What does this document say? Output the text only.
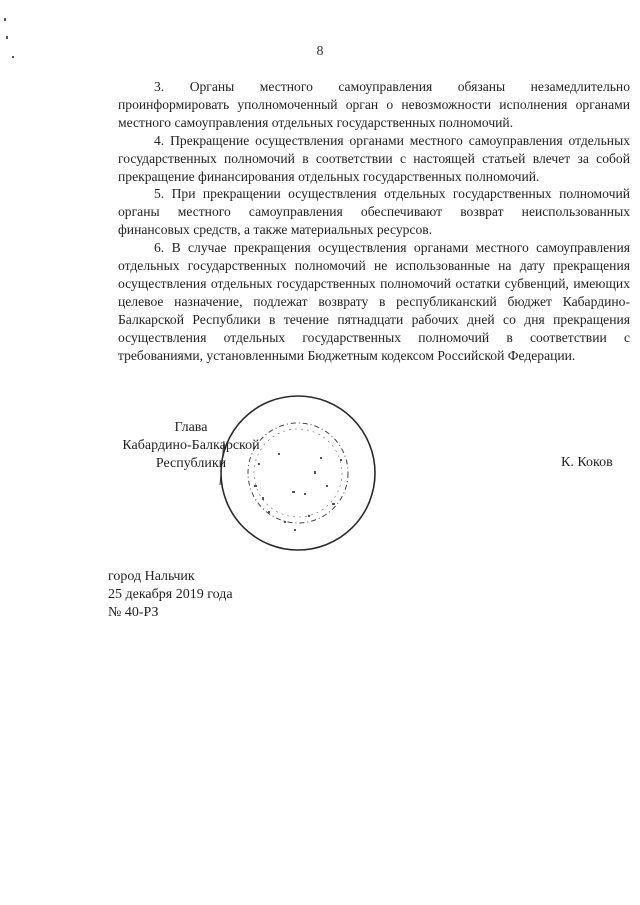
8

3. Органы местного самоуправления обязаны незамедлительно проинформировать уполномоченный орган о невозможности исполнения органами местного самоуправления отдельных государственных полномочий.

4. Прекращение осуществления органами местного самоуправления отдельных государственных полномочий в соответствии с настоящей статьей влечет за собой прекращение финансирования отдельных государственных полномочий.

5. При прекращении осуществления отдельных государственных полномочий органы местного самоуправления обеспечивают возврат неиспользованных финансовых средств, а также материальных ресурсов.

6. В случае прекращения осуществления органами местного самоуправления отдельных государственных полномочий не использованные на дату прекращения осуществления отдельных государственных полномочий остатки субвенций, имеющих целевое назначение, подлежат возврату в республиканский бюджет Кабардино-Балкарской Республики в течение пятнадцати рабочих дней со дня прекращения осуществления отдельных государственных полномочий в соответствии с требованиями, установленными Бюджетным кодексом Российской Федерации.

Глава
Кабардино-Балкарской
Республики	К. Коков
город Нальчик
25 декабря 2019 года
№ 40-РЗ
